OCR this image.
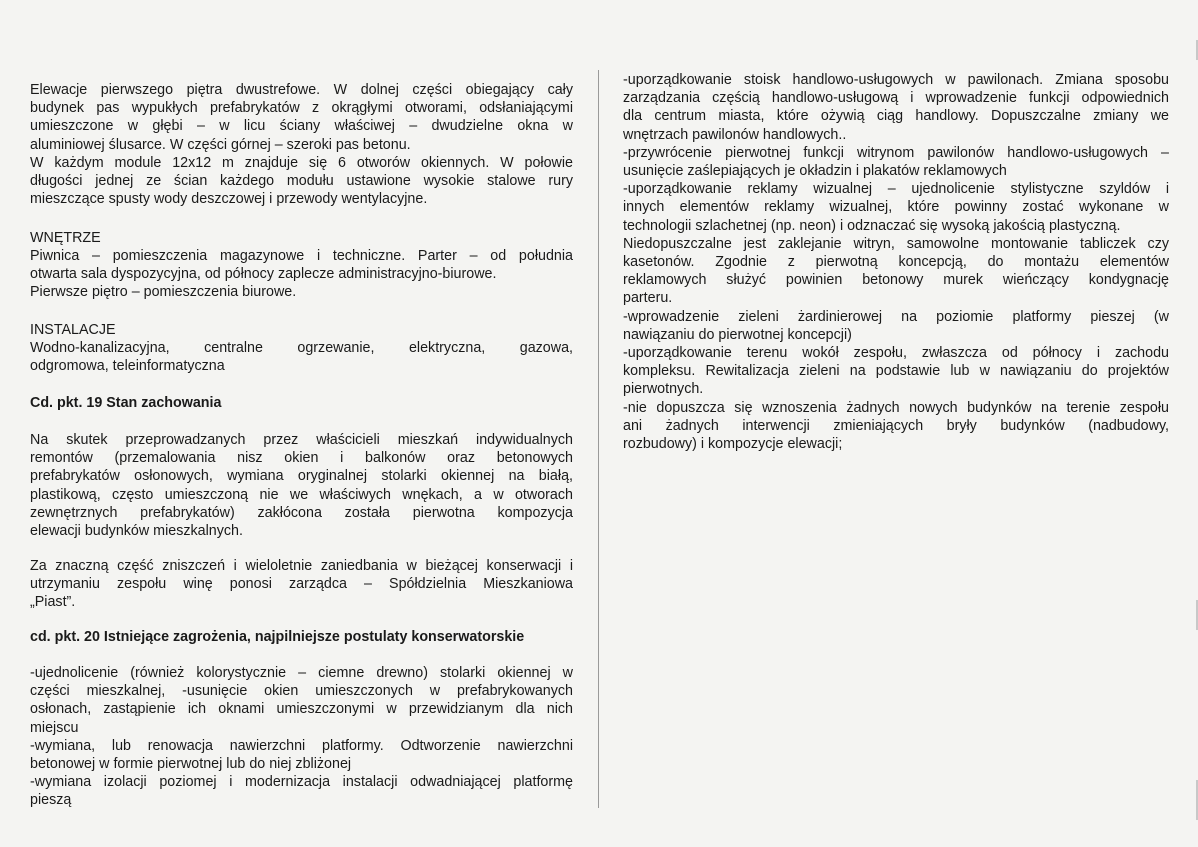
Elewacje pierwszego piętra dwustrefowe. W dolnej części obiegający cały

budynek pas wypukłych prefabrykatów z okrągłymi otworami, odsłaniającymi

umieszczone w głębi – w licu ściany właściwej – dwudzielne okna w

aluminiowej ślusarce. W części górnej – szeroki pas betonu.

W każdym module 12x12 m znajduje się 6 otworów okiennych. W połowie

długości jednej ze ścian każdego modułu ustawione wysokie stalowe rury

mieszczące spusty wody deszczowej i przewody wentylacyjne.

WNĘTRZE

Piwnica – pomieszczenia magazynowe i techniczne. Parter – od południa

otwarta sala dyspozycyjna, od północy zaplecze administracyjno-biurowe.

Pierwsze piętro – pomieszczenia biurowe.

INSTALACJE

Wodno-kanalizacyjna, centralne ogrzewanie, elektryczna, gazowa,

odgromowa, teleinformatyczna

Cd. pkt. 19 Stan zachowania

Na skutek przeprowadzanych przez właścicieli mieszkań indywidualnych

remontów (przemalowania nisz okien i balkonów oraz betonowych

prefabrykatów osłonowych, wymiana oryginalnej stolarki okiennej na białą,

plastikową, często umieszczoną nie we właściwych wnękach, a w otworach

zewnętrznych prefabrykatów) zakłócona została pierwotna kompozycja

elewacji budynków mieszkalnych.

Za znaczną część zniszczeń i wieloletnie zaniedbania w bieżącej konserwacji i

utrzymaniu zespołu winę ponosi zarządca – Spółdzielnia Mieszkaniowa

„Piast”.

cd. pkt. 20 Istniejące zagrożenia, najpilniejsze postulaty konserwatorskie

-ujednolicenie (również kolorystycznie – ciemne drewno) stolarki okiennej w

części mieszkalnej, -usunięcie okien umieszczonych w prefabrykowanych

osłonach, zastąpienie ich oknami umieszczonymi w przewidzianym dla nich

miejscu

-wymiana, lub renowacja nawierzchni platformy. Odtworzenie nawierzchni

betonowej w formie pierwotnej lub do niej zbliżonej

-wymiana izolacji poziomej i modernizacja instalacji odwadniającej platformę

pieszą

-uporządkowanie stoisk handlowo-usługowych w pawilonach. Zmiana sposobu

zarządzania częścią handlowo-usługową i wprowadzenie funkcji odpowiednich

dla centrum miasta, które ożywią ciąg handlowy. Dopuszczalne zmiany we

wnętrzach pawilonów handlowych..

-przywrócenie pierwotnej funkcji witrynom pawilonów handlowo-usługowych –

usunięcie zaślepiających je okładzin i plakatów reklamowych

-uporządkowanie reklamy wizualnej – ujednolicenie stylistyczne szyldów i

innych elementów reklamy wizualnej, które powinny zostać wykonane w

technologii szlachetnej (np. neon) i odznaczać się wysoką jakością plastyczną.

Niedopuszczalne jest zaklejanie witryn, samowolne montowanie tabliczek czy

kasetonów. Zgodnie z pierwotną koncepcją, do montażu elementów

reklamowych służyć powinien betonowy murek wieńczący kondygnację

parteru.

-wprowadzenie zieleni żardinierowej na poziomie platformy pieszej (w

nawiązaniu do pierwotnej koncepcji)

-uporządkowanie terenu wokół zespołu, zwłaszcza od północy i zachodu

kompleksu. Rewitalizacja zieleni na podstawie lub w nawiązaniu do projektów

pierwotnych.

-nie dopuszcza się wznoszenia żadnych nowych budynków na terenie zespołu

ani żadnych interwencji zmieniających bryły budynków (nadbudowy,

rozbudowy) i kompozycje elewacji;
